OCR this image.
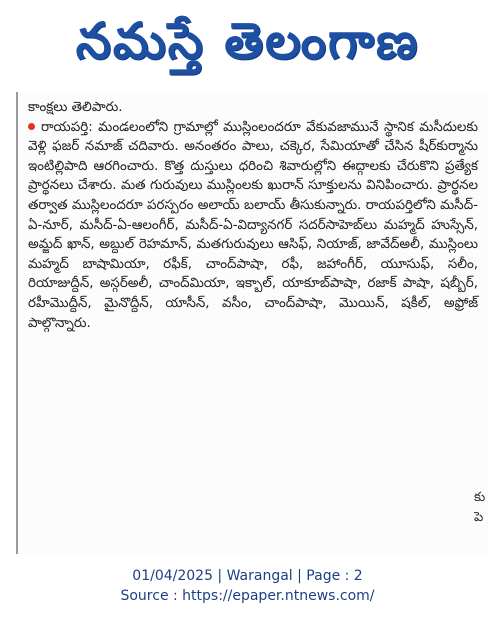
నమస్తే తెలంగాణ

కాంక్షలు తెలిపారు.

రాయపర్తి: మండలంలోని గ్రామాల్లో ముస్లింలందరూ వేకువజామునే స్థానిక మసీదులకు వెళ్లి ఫజర్ నమాజ్ చదివారు. అనంతరం పాలు, చక్కెర, సేమియాతో చేసిన షీర్‌కుర్మాను ఇంటిల్లిపాది ఆరగించారు. కొత్త దుస్తులు ధరించి శివారుల్లోని ఈద్గాలకు చేరుకొని ప్రత్యేక ప్రార్థనలు చేశారు. మత గురువులు ముస్లింలకు ఖురాన్ సూక్తులను వినిపించారు. ప్రార్థనల తర్వాత ముస్లిలందరూ పరస్పరం అలాయ్ బలాయ్ తీసుకున్నారు. రాయపర్తిలోని మసీద్-ఏ-నూర్, మసీద్-ఏ-ఆలంగీర్, మసీద్-ఏ-విద్యానగర్ సదర్‌సాహెబ్‌లు మహ్మద్ హుస్సేన్, అమ్జద్ ఖాన్, అబ్దుల్ రెహమాన్, మతగురువులు ఆసిఫ్, నియాజ్, జావేద్‌అలీ, ముస్లింలు మహ్మద్ బాషామియా, రఫీక్, చాంద్‌పాషా, రఫీ, జహాంగీర్, యూసుఫ్, సలీం, రియాజుద్దీన్, అస్గర్‌అలీ, చాంద్‌మియా, ఇక్బాల్, యాకూబ్‌పాషా, రజాక్ పాషా, షబ్బీర్, రహీమొద్దీన్, మైనొద్దీన్, యాసీన్, వసీం, చాంద్‌పాషా, మొయిన్, షకీల్, అఫ్రోజ్ పాల్గొన్నారు.

కు
పె
01/04/2025 | Warangal | Page : 2
Source : https://epaper.ntnews.com/
